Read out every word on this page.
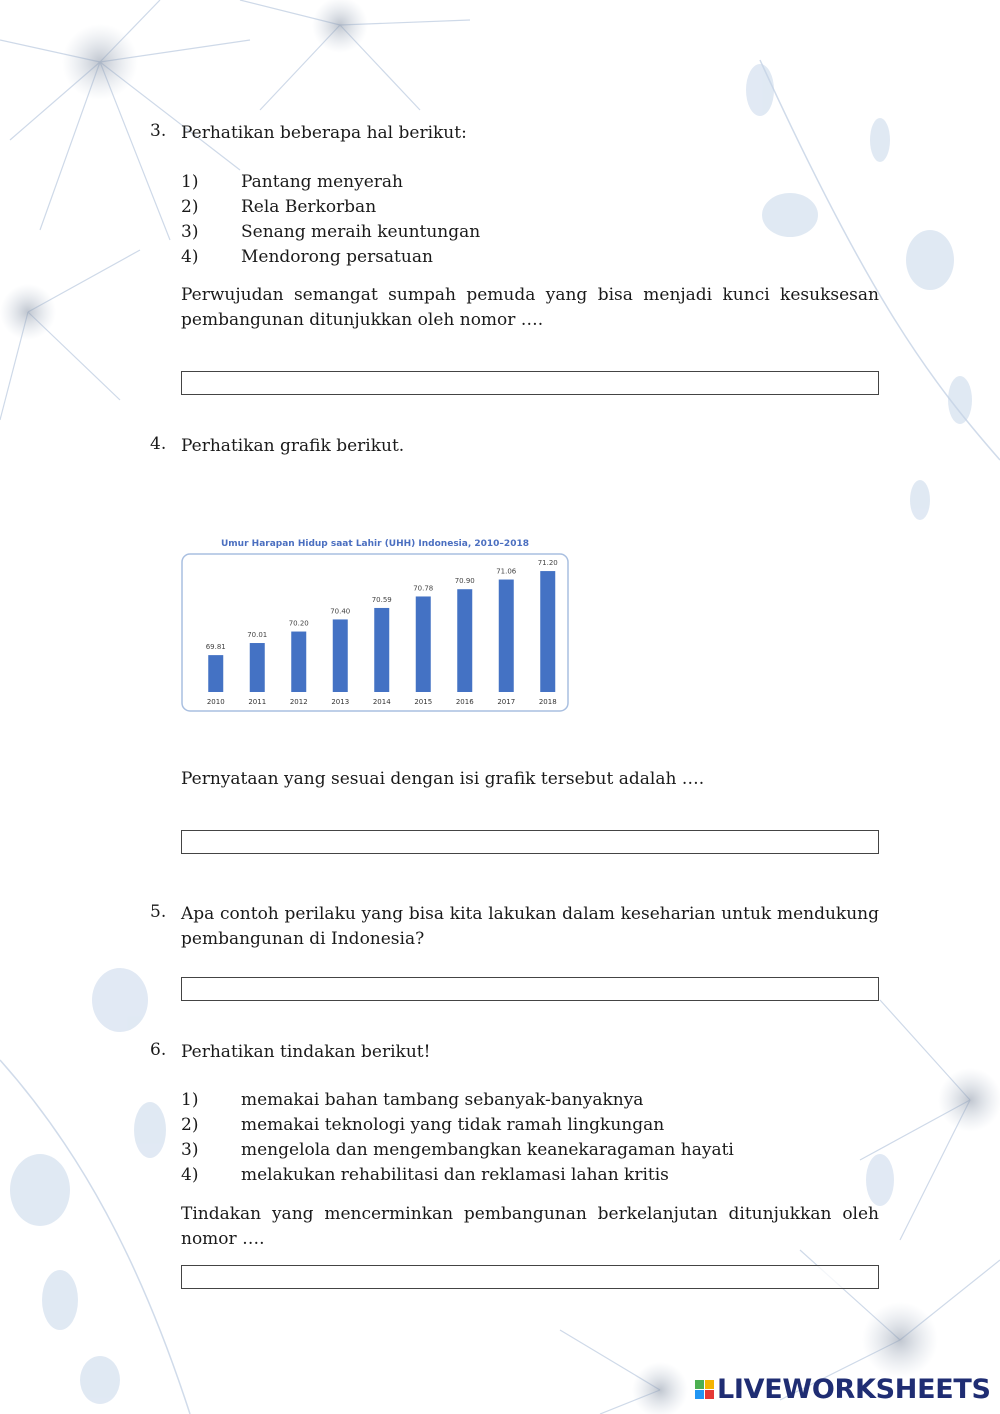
3. Perhatikan beberapa hal berikut:
1)	Pantang menyerah
2)	Rela Berkorban
3)	Senang meraih keuntungan
4)	Mendorong persatuan
Perwujudan semangat sumpah pemuda yang bisa menjadi kunci kesuksesan pembangunan ditunjukkan oleh nomor ….
4. Perhatikan grafik berikut.
Umur Harapan Hidup saat Lahir (UHH) Indonesia, 2010–2018
69.81
2010
70.01
2011
70.20
2012
70.40
2013
70.59
2014
70.78
2015
70.90
2016
71.06
2017
71.20
2018
Pernyataan yang sesuai dengan isi grafik tersebut adalah ….
5. Apa contoh perilaku yang bisa kita lakukan dalam keseharian untuk mendukung pembangunan di Indonesia?
6. Perhatikan tindakan berikut!
1)	memakai bahan tambang sebanyak-banyaknya
2)	memakai teknologi yang tidak ramah lingkungan
3)	mengelola dan mengembangkan keanekaragaman hayati
4)	melakukan rehabilitasi dan reklamasi lahan kritis
Tindakan yang mencerminkan pembangunan berkelanjutan ditunjukkan oleh nomor ….
LIVEWORKSHEETS
